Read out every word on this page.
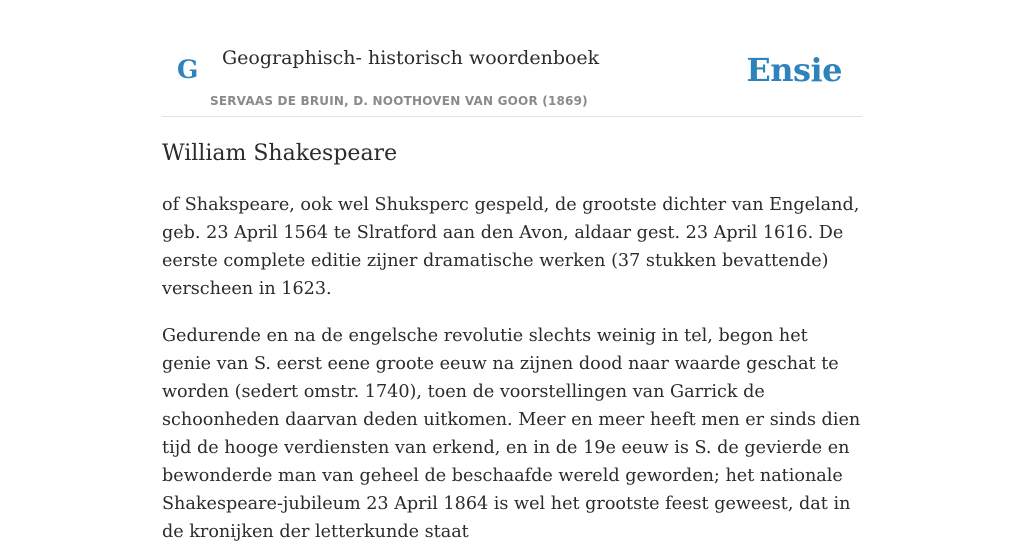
G Geographisch- historisch woordenboek
SERVAAS DE BRUIN, D. NOOTHOVEN VAN GOOR (1869)
Ensie
William Shakespeare

of Shakspeare, ook wel Shuksperc gespeld, de grootste dichter van Engeland, geb. 23 April 1564 te Slratford aan den Avon, aldaar gest. 23 April 1616. De eerste complete editie zijner dramatische werken (37 stukken bevattende) verscheen in 1623.

Gedurende en na de engelsche revolutie slechts weinig in tel, begon het genie van S. eerst eene groote eeuw na zijnen dood naar waarde geschat te worden (sedert omstr. 1740), toen de voorstellingen van Garrick de schoonheden daarvan deden uitkomen. Meer en meer heeft men er sinds dien tijd de hooge verdiensten van erkend, en in de 19e eeuw is S. de gevierde en bewonderde man van geheel de beschaafde wereld geworden; het nationale Shakespeare-jubileum 23 April 1864 is wel het grootste feest geweest, dat in de kronijken der letterkunde staat
